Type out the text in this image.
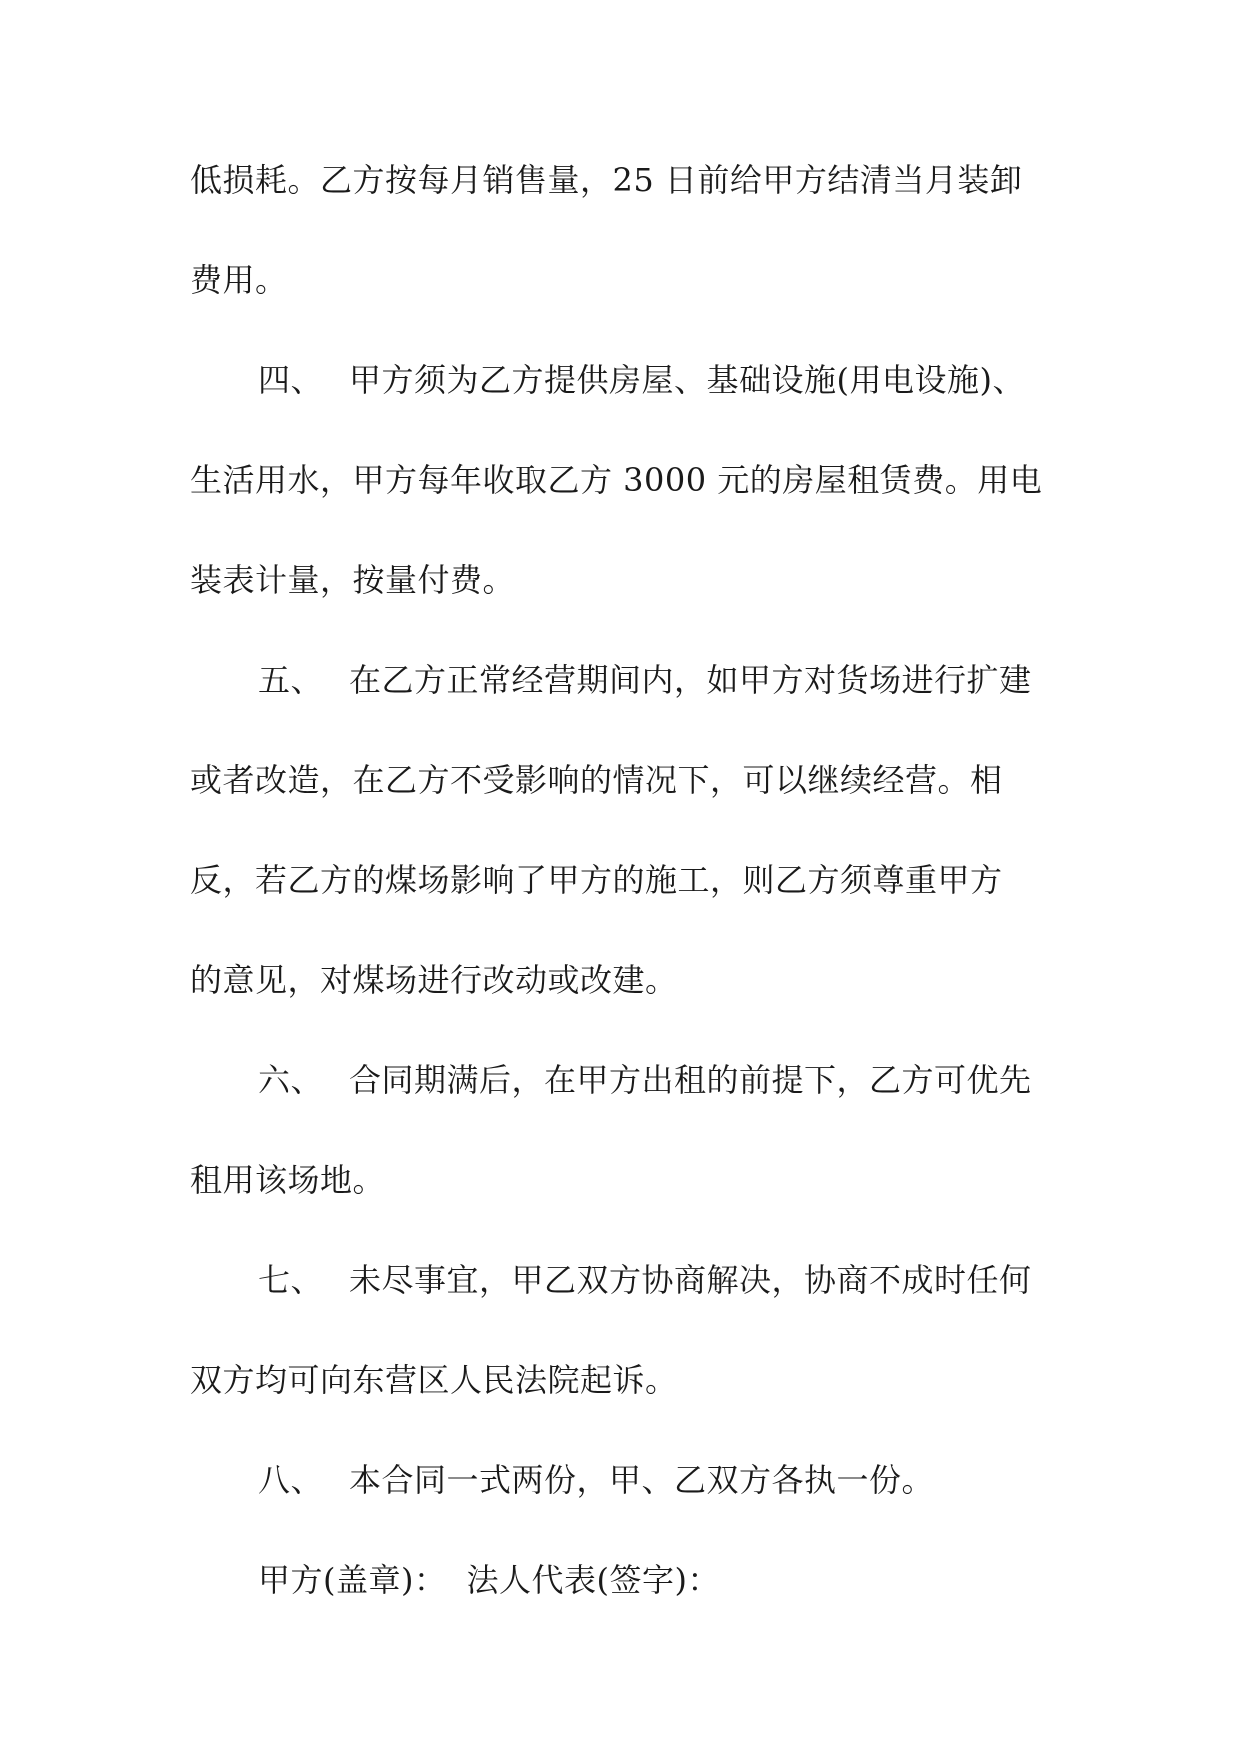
低损耗。乙方按每月销售量，25 日前给甲方结清当月装卸
费用。
四、 甲方须为乙方提供房屋、基础设施(用电设施)、
生活用水，甲方每年收取乙方 3000 元的房屋租赁费。用电
装表计量，按量付费。
五、 在乙方正常经营期间内，如甲方对货场进行扩建
或者改造，在乙方不受影响的情况下，可以继续经营。相
反，若乙方的煤场影响了甲方的施工，则乙方须尊重甲方
的意见，对煤场进行改动或改建。
六、 合同期满后，在甲方出租的前提下，乙方可优先
租用该场地。
七、 未尽事宜，甲乙双方协商解决，协商不成时任何
双方均可向东营区人民法院起诉。
八、 本合同一式两份，甲、乙双方各执一份。
甲方(盖章)： 法人代表(签字)：
